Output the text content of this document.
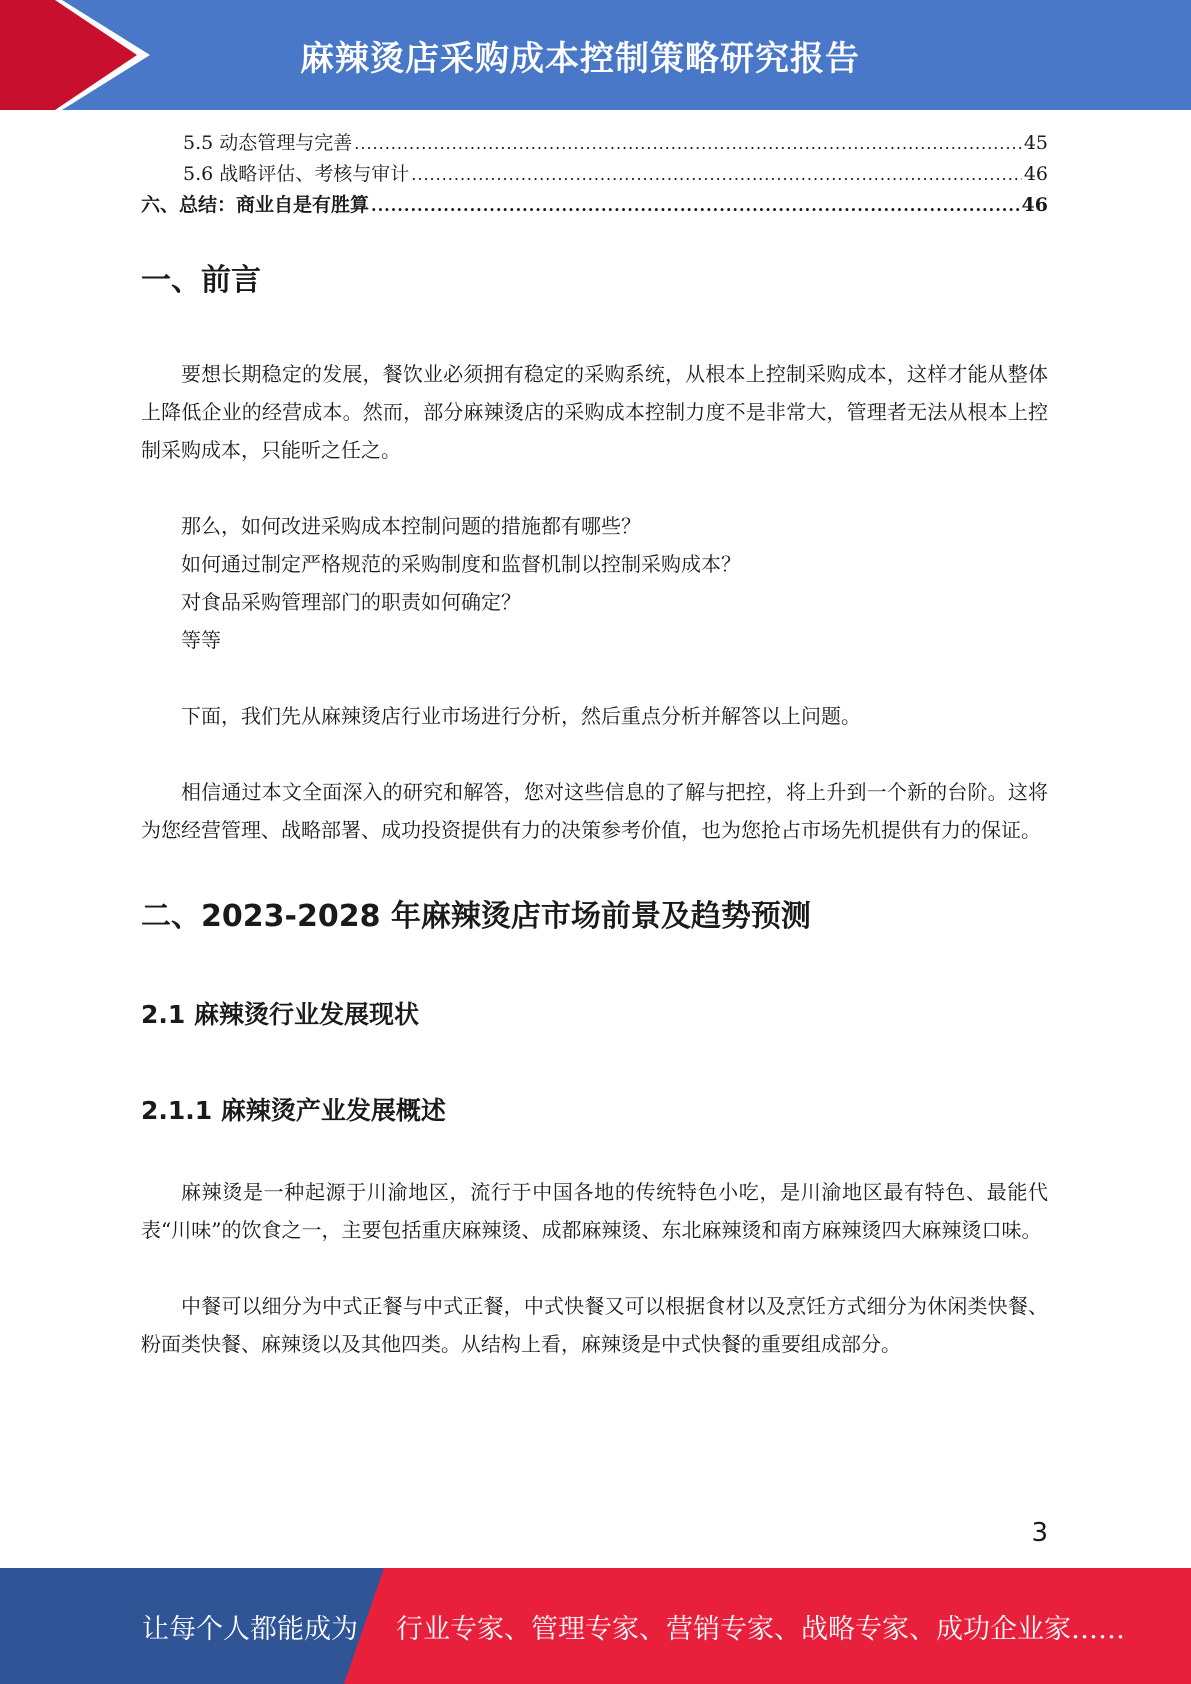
麻辣烫店采购成本控制策略研究报告
5.5 动态管理与完善 .....	45
5.6 战略评估、考核与审计 .....	46
六、总结：商业自是有胜算 .....	46
一、前言

要想长期稳定的发展，餐饮业必须拥有稳定的采购系统，从根本上控制采购成本，这样才能从整体上降低企业的经营成本。然而，部分麻辣烫店的采购成本控制力度不是非常大，管理者无法从根本上控制采购成本，只能听之任之。

那么，如何改进采购成本控制问题的措施都有哪些？

如何通过制定严格规范的采购制度和监督机制以控制采购成本？

对食品采购管理部门的职责如何确定？

等等

下面，我们先从麻辣烫店行业市场进行分析，然后重点分析并解答以上问题。

相信通过本文全面深入的研究和解答，您对这些信息的了解与把控，将上升到一个新的台阶。这将为您经营管理、战略部署、成功投资提供有力的决策参考价值，也为您抢占市场先机提供有力的保证。

二、2023-2028 年麻辣烫店市场前景及趋势预测
2.1 麻辣烫行业发展现状
2.1.1 麻辣烫产业发展概述

麻辣烫是一种起源于川渝地区，流行于中国各地的传统特色小吃，是川渝地区最有特色、最能代表“川味”的饮食之一，主要包括重庆麻辣烫、成都麻辣烫、东北麻辣烫和南方麻辣烫四大麻辣烫口味。

中餐可以细分为中式正餐与中式正餐，中式快餐又可以根据食材以及烹饪方式细分为休闲类快餐、粉面类快餐、麻辣烫以及其他四类。从结构上看，麻辣烫是中式快餐的重要组成部分。

3
让每个人都能成为 行业专家、管理专家、营销专家、战略专家、成功企业家……
